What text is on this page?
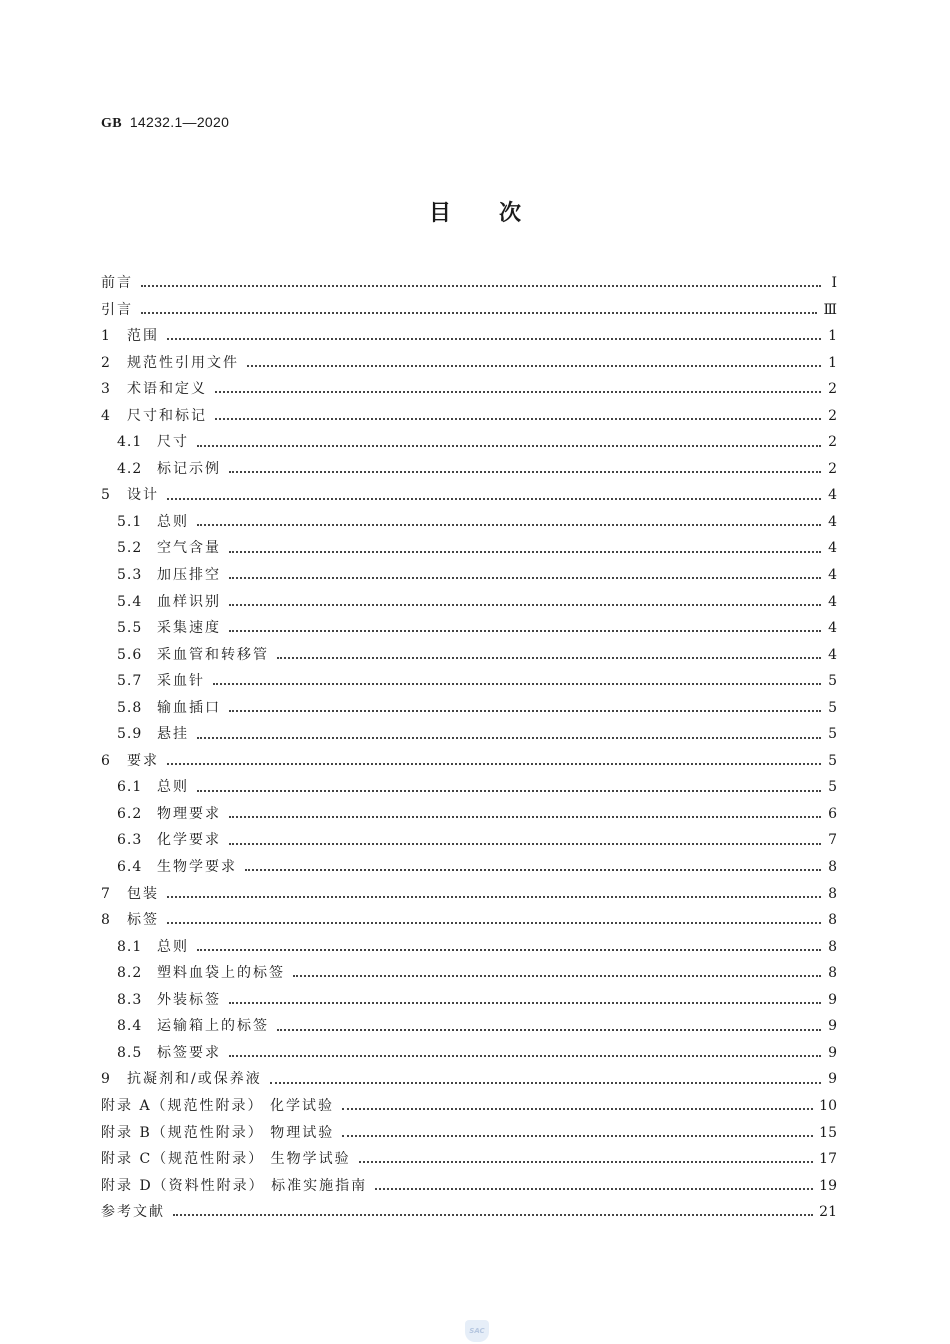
GB 14232.1—2020
目次
前言	Ⅰ
引言	Ⅲ
1	范围	1
2	规范性引用文件	1
3	术语和定义	2
4	尺寸和标记	2
4.1	尺寸	2
4.2	标记示例	2
5	设计	4
5.1	总则	4
5.2	空气含量	4
5.3	加压排空	4
5.4	血样识别	4
5.5	采集速度	4
5.6	采血管和转移管	4
5.7	采血针	5
5.8	输血插口	5
5.9	悬挂	5
6	要求	5
6.1	总则	5
6.2	物理要求	6
6.3	化学要求	7
6.4	生物学要求	8
7	包装	8
8	标签	8
8.1	总则	8
8.2	塑料血袋上的标签	8
8.3	外装标签	9
8.4	运输箱上的标签	9
8.5	标签要求	9
9	抗凝剂和/或保养液	9
附录 A（规范性附录） 化学试验	10
附录 B（规范性附录） 物理试验	15
附录 C（规范性附录） 生物学试验	17
附录 D（资料性附录） 标准实施指南	19
参考文献	21
SAC
